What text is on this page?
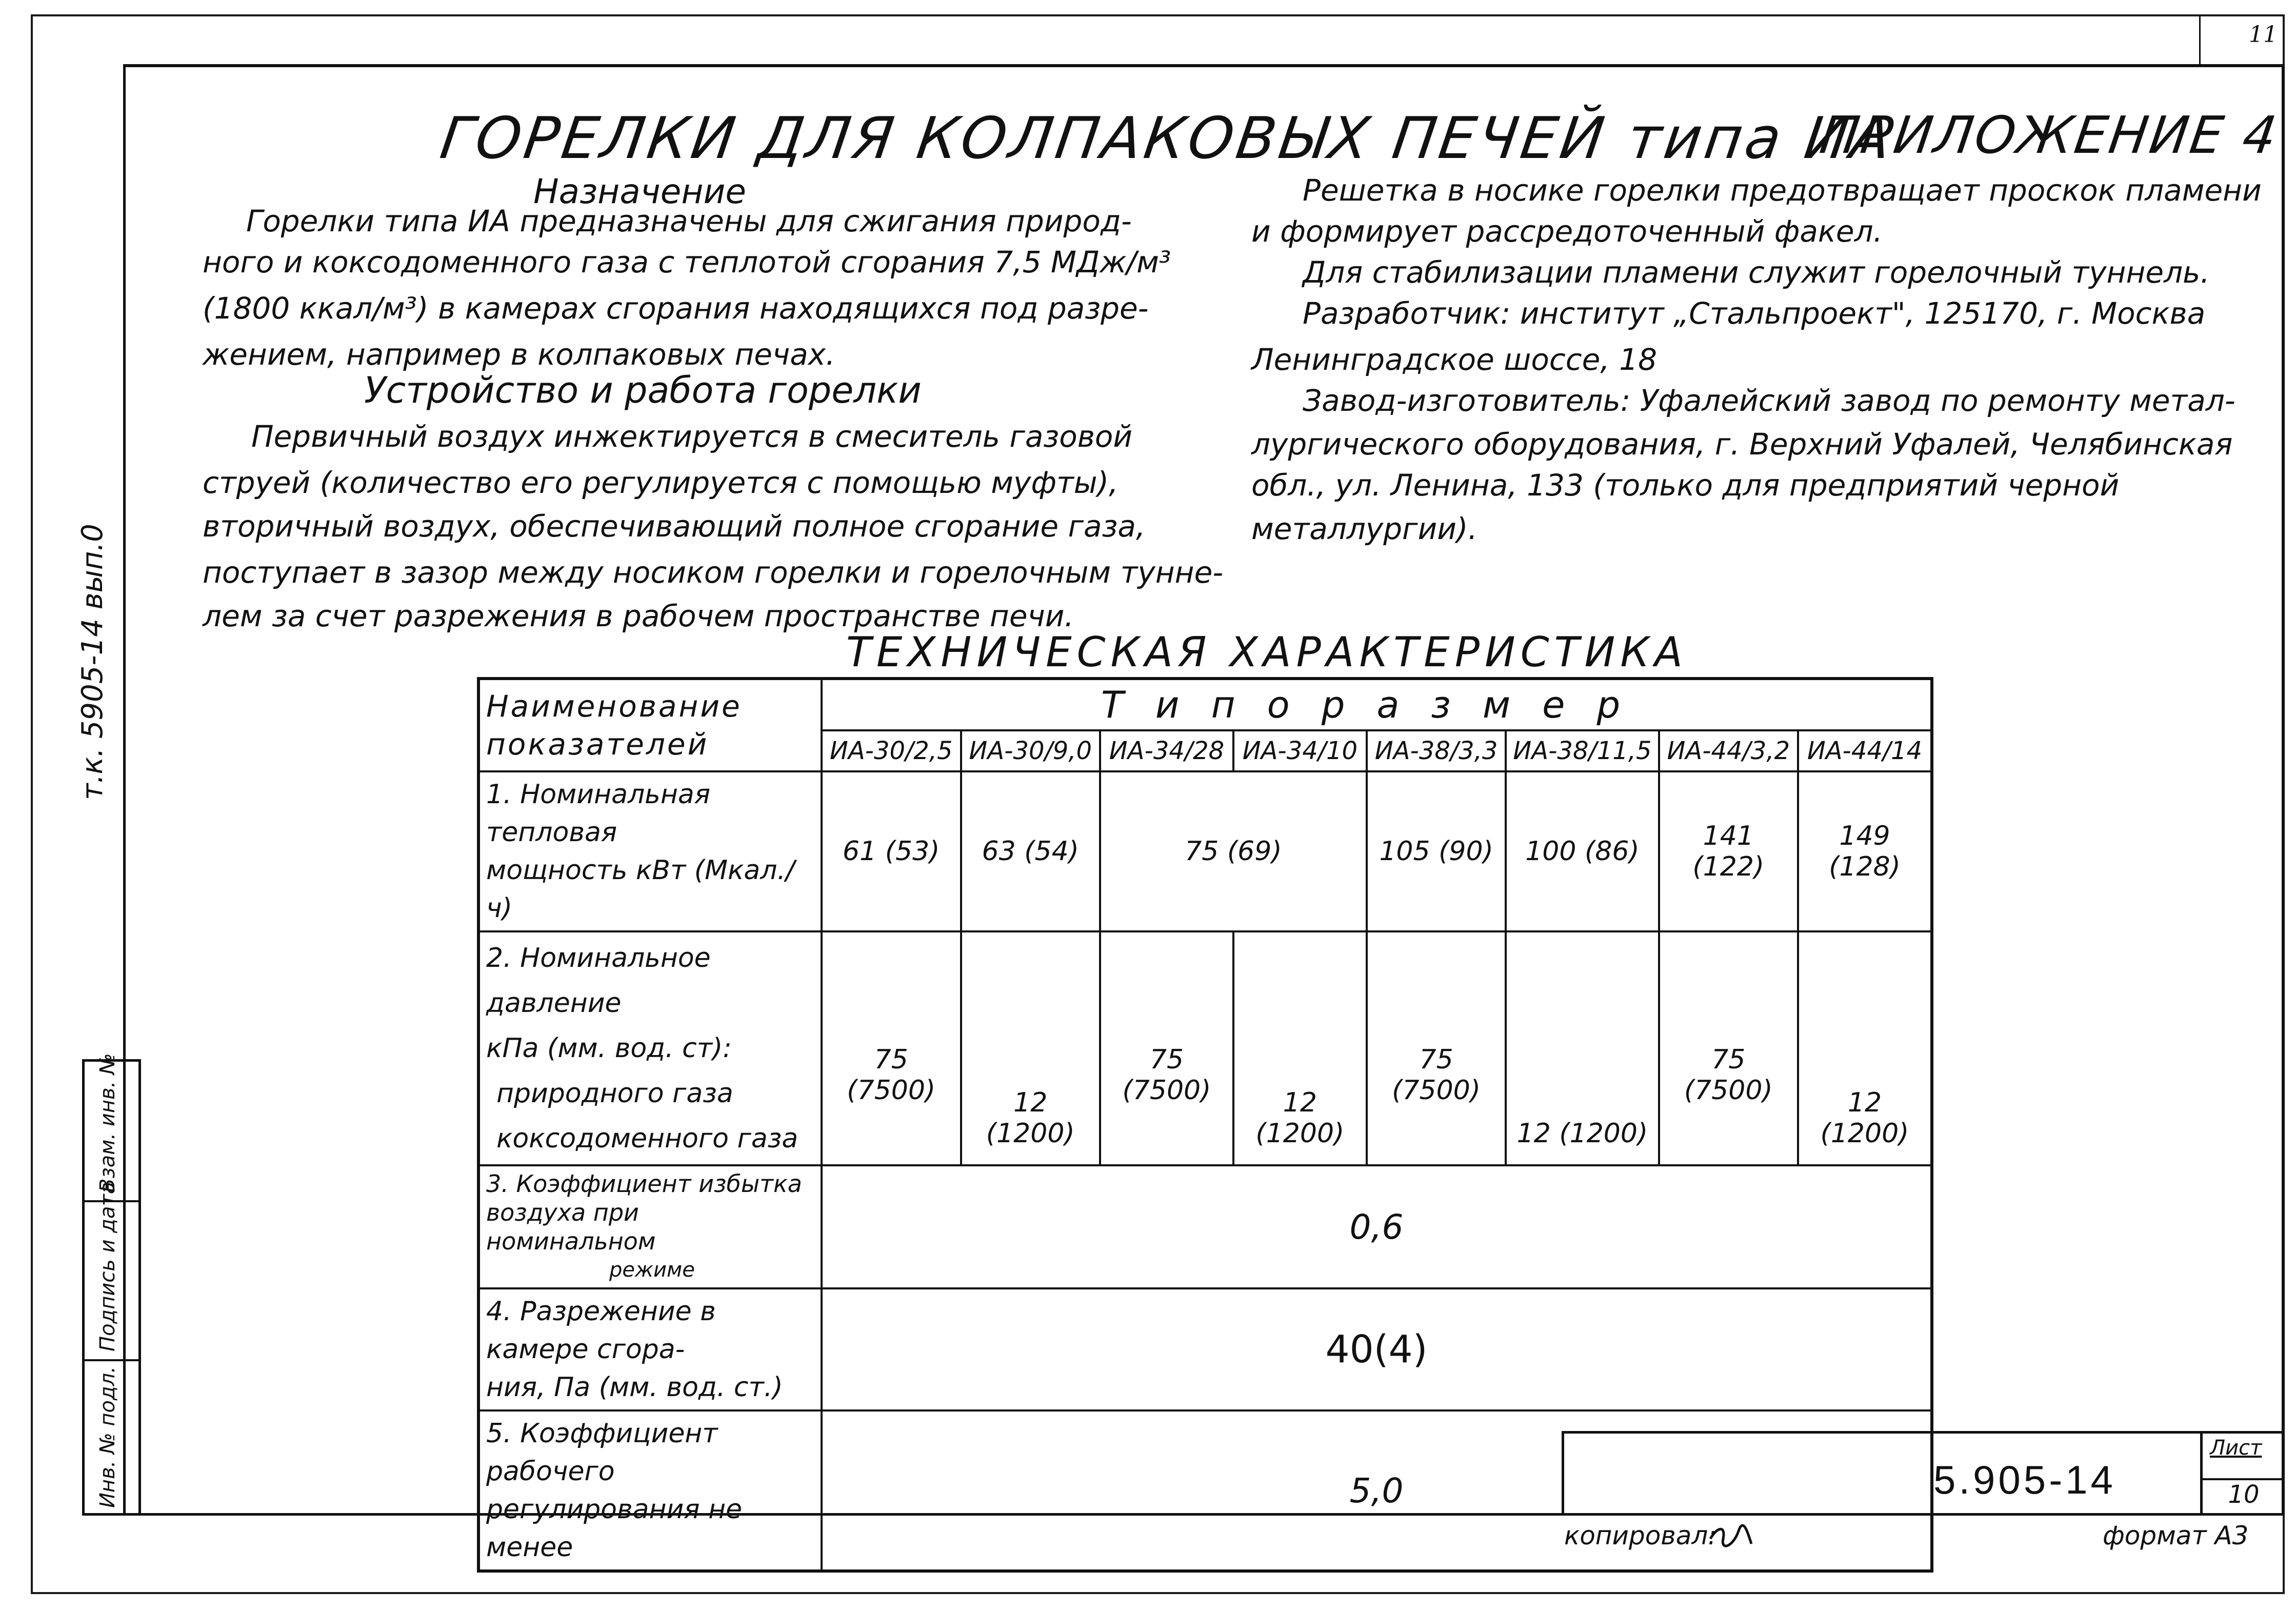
11
ГОРЕЛКИ ДЛЯ КОЛПАКОВЫХ ПЕЧЕЙ типа ИА
ПРИЛОЖЕНИЕ 4
Назначение
Горелки типа ИА предназначены для сжигания природ-
ного и коксодоменного газа с теплотой сгорания 7,5 МДж/м³
(1800 ккал/м³) в камерах сгорания находящихся под разре-
жением, например в колпаковых печах.
Устройство и работа горелки
Первичный воздух инжектируется в смеситель газовой
струей (количество его регулируется с помощью муфты),
вторичный воздух, обеспечивающий полное сгорание газа,
поступает в зазор между носиком горелки и горелочным тунне-
лем за счет разрежения в рабочем пространстве печи.
Решетка в носике горелки предотвращает проскок пламени
и формирует рассредоточенный факел.
Для стабилизации пламени служит горелочный туннель.
Разработчик: институт „Стальпроект", 125170, г. Москва
Ленинградское шоссе, 18
Завод-изготовитель: Уфалейский завод по ремонту метал-
лургического оборудования, г. Верхний Уфалей, Челябинская
обл., ул. Ленина, 133 (только для предприятий черной
металлургии).
ТЕХНИЧЕСКАЯ ХАРАКТЕРИСТИКА
Наименование
показателей	Типоразмер							
	ИА-30/2,5	ИА-30/9,0	ИА-34/28	ИА-34/10	ИА-38/3,3	ИА-38/11,5	ИА-44/3,2	ИА-44/14

1. Номинальная тепловая
мощность кВт (Мкал./ч)	61 (53)	63 (54)	75 (69)		105 (90)	100 (86)	141 (122)	149 (128)

2. Номинальное давление
кПа (мм. вод. ст):
природного газа
коксодоменного газа	75 (7500)	12 (1200)	75 (7500)	12 (1200)	75 (7500)	12 (1200)	75 (7500)	12 (1200)

3. Коэффициент избытка
воздуха при номинальном
режиме	0,6							

4. Разрежение в камере сгора-
ния, Па (мм. вод. ст.)	40(4)							

5. Коэффициент рабочего
регулирования не менее	5,0								5.905-14
Лист
10
Взам. инв. №
Подпись и дата
Инв. № подл.
т.к. 5905-14 вып.0
копировал:	формат А3
